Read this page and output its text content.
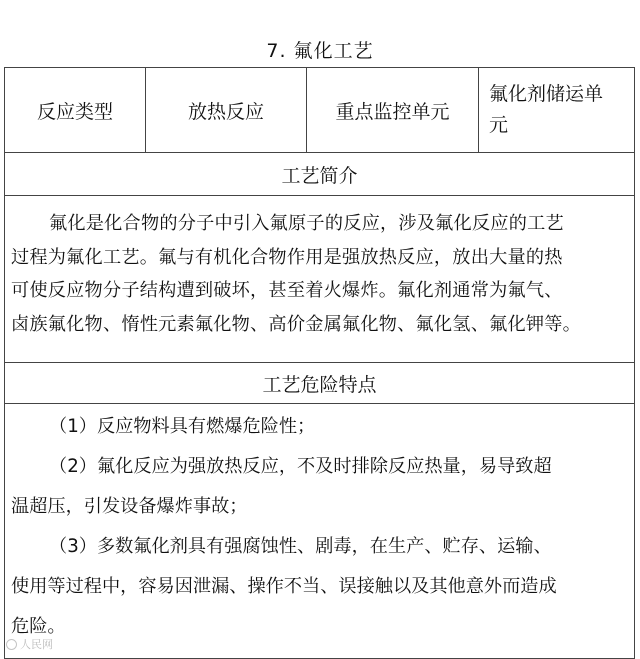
7. 氟化工艺
反应类型	放热反应	重点监控单元
氟化剂储运单
元
工艺简介
氟化是化合物的分子中引入氟原子的反应，涉及氟化反应的工艺
过程为氟化工艺。氟与有机化合物作用是强放热反应，放出大量的热
可使反应物分子结构遭到破坏，甚至着火爆炸。氟化剂通常为氟气、
卤族氟化物、惰性元素氟化物、高价金属氟化物、氟化氢、氟化钾等。
工艺危险特点
（1）反应物料具有燃爆危险性；
（2）氟化反应为强放热反应，不及时排除反应热量，易导致超
温超压，引发设备爆炸事故；
（3）多数氟化剂具有强腐蚀性、剧毒，在生产、贮存、运输、
使用等过程中，容易因泄漏、操作不当、误接触以及其他意外而造成
危险。
人民网
